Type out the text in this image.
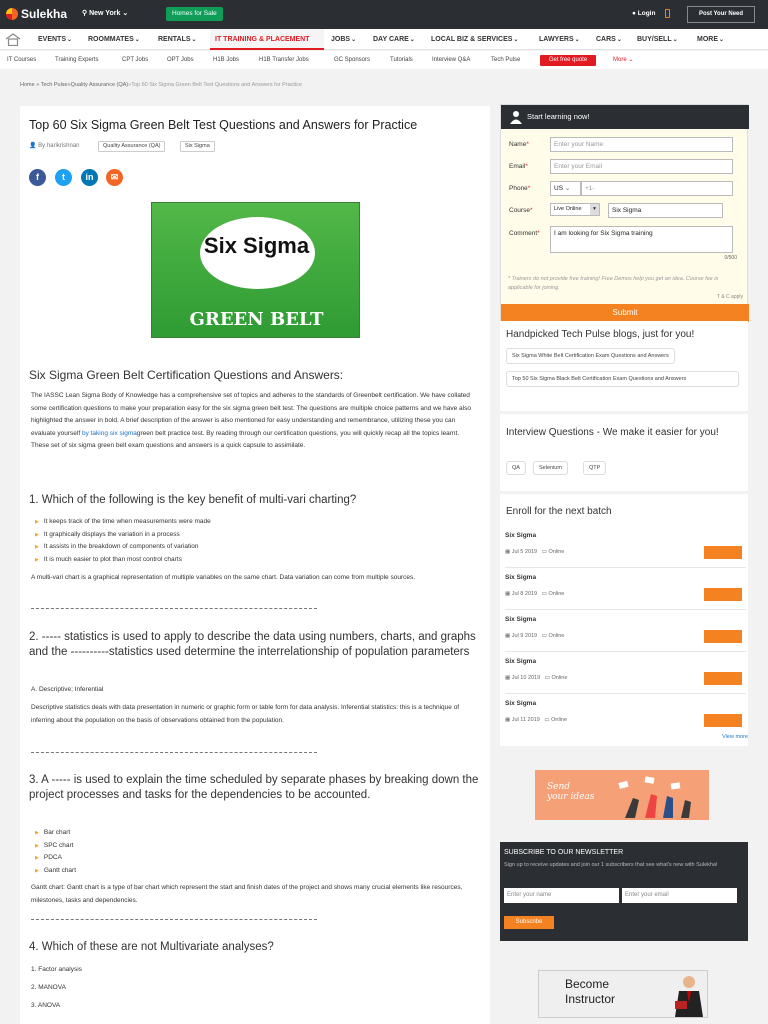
Sulekha ⚲ New York ⌄	Homes for Sale	● Login	Post Your Need
EVENTS⌄ ROOMMATES⌄	RENTALS⌄	IT TRAINING & PLACEMENT	JOBS⌄ DAY CARE⌄ LOCAL BIZ & SERVICES⌄	LAWYERS⌄ CARS⌄ BUY/SELL⌄	MORE⌄
IT Courses	Training Experts	CPT Jobs	OPT Jobs	H1B Jobs	H1B Transfer Jobs	GC Sponsors	Tutorials	Interview Q&A	Tech Pulse	Get free quote	More ⌄
Home » Tech Pulse»Quality Assurance (QA)»Top 60 Six Sigma Green Belt Test Questions and Answers for Practice
Top 60 Six Sigma Green Belt Test Questions and Answers for Practice
👤 By harikrishnan	Quality Assurance (QA)	Six Sigma
f	t	in	✉
Six Sigma
GREEN BELT
Six Sigma Green Belt Certification Questions and Answers:
The IASSC Lean Sigma Body of Knowledge has a comprehensive set of topics and adheres to the standards of Greenbelt certification. We have collated some certification questions to make your preparation easy for the six sigma green belt test. The questions are multiple choice patterns and we have also highlighted the answer in bold. A brief description of the answer is also mentioned for easy understanding and remembrance, utilizing these you can evaluate yourself by taking six sigmagreen belt practice test. By reading through our certification questions, you will quickly recap all the topics learnt. These set of six sigma green belt exam questions and answers is a quick capsule to assimilate.
1. Which of the following is the key benefit of multi-vari charting?
▶ It keeps track of the time when measurements were made
▶ It graphically displays the variation in a process
▶ It assists in the breakdown of components of variation
▶ It is much easier to plot than most control charts
A multi-vari chart is a graphical representation of multiple variables on the same chart. Data variation can come from multiple sources.
2. ----- statistics is used to apply to describe the data using numbers, charts, and graphs and the ----------statistics used determine the interrelationship of population parameters
A. Descriptive; Inferential
Descriptive statistics deals with data presentation in numeric or graphic form or table form for data analysis. Inferential statistics: this is a technique of inferring about the population on the basis of observations obtained from the population.
3. A ----- is used to explain the time scheduled by separate phases by breaking down the project processes and tasks for the dependencies to be accounted.
▶ Bar chart
▶ SPC chart
▶ PDCA
▶ Gantt chart
Gantt chart: Gantt chart is a type of bar chart which represent the start and finish dates of the project and shows many crucial elements like resources, milestones, tasks and dependencies.
4. Which of these are not Multivariate analyses?
1. Factor analysis
2. MANOVA
3. ANOVA
Start learning now!
Name*	Enter your Name
Email*	Enter your Email
Phone*	US ⌄	+1-
Course*	Live Online	▾	Six Sigma
Comment*	I am looking for Six Sigma training
0/500
* Trainers do not provide free training! Free Demos help you get an idea. Course fee is applicable for joining.
T & C apply
Submit
Handpicked Tech Pulse blogs, just for you!
Six Sigma White Belt Certification Exam Questions and Answers
Top 50 Six Sigma Black Belt Certification Exam Questions and Answers
Interview Questions - We make it easier for you!
QA	Selenium	QTP
Enroll for the next batch
Six Sigma
▦ Jul 5 2019 ▭ Online	Enroll
Six Sigma
▦ Jul 8 2019 ▭ Online	Enroll
Six Sigma
▦ Jul 9 2019 ▭ Online	Enroll
Six Sigma
▦ Jul 10 2019 ▭ Online	Enroll
Six Sigma
▦ Jul 11 2019 ▭ Online	Enroll
View more
Send
your ideas
SUBSCRIBE TO OUR NEWSLETTER
Sign up to receive updates and join our 1 subscribers that see what's new with Sulekha!
Enter your name	Enter your email
Subscribe
Become
Instructor
